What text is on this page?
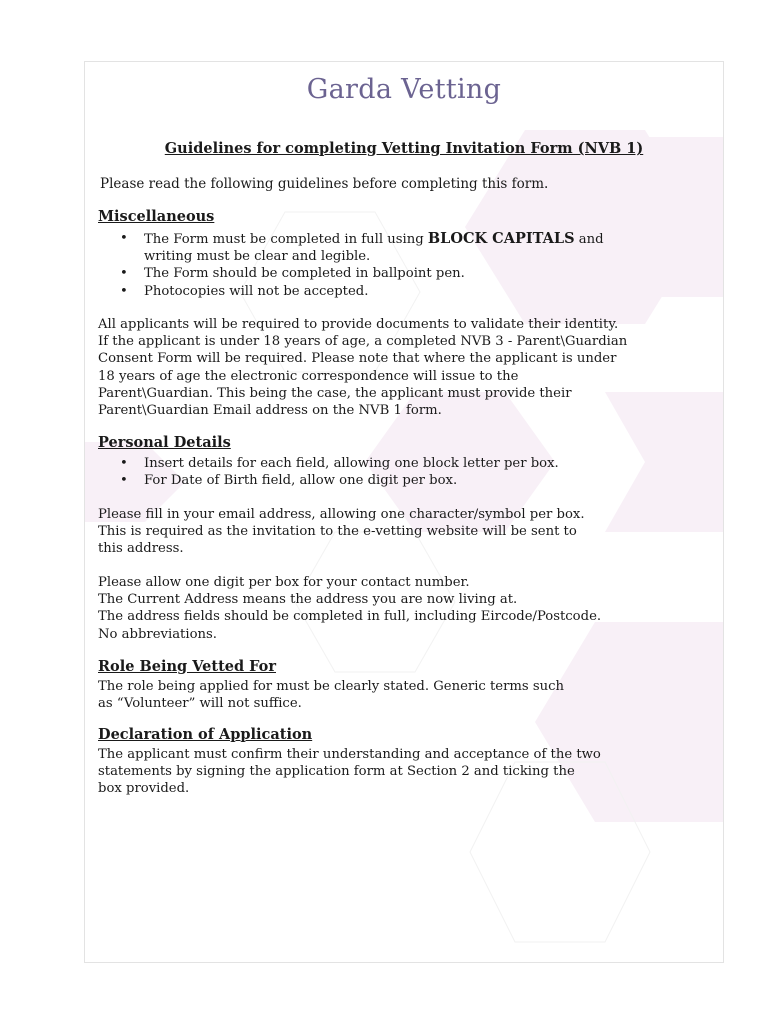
Garda Vetting
Guidelines for completing Vetting Invitation Form (NVB 1)
Please read the following guidelines before completing this form.
Miscellaneous
• The Form must be completed in full using BLOCK CAPITALS and
writing must be clear and legible.
• The Form should be completed in ballpoint pen.
• Photocopies will not be accepted.

All applicants will be required to provide documents to validate their identity.
If the applicant is under 18 years of age, a completed NVB 3 - Parent\Guardian
Consent Form will be required. Please note that where the applicant is under
18 years of age the electronic correspondence will issue to the
Parent\Guardian. This being the case, the applicant must provide their
Parent\Guardian Email address on the NVB 1 form.

Personal Details
• Insert details for each field, allowing one block letter per box.
• For Date of Birth field, allow one digit per box.

Please fill in your email address, allowing one character/symbol per box.
This is required as the invitation to the e-vetting website will be sent to
this address.

Please allow one digit per box for your contact number.
The Current Address means the address you are now living at.
The address fields should be completed in full, including Eircode/Postcode.
No abbreviations.

Role Being Vetted For

The role being applied for must be clearly stated. Generic terms such
as “Volunteer” will not suffice.

Declaration of Application

The applicant must confirm their understanding and acceptance of the two
statements by signing the application form at Section 2 and ticking the
box provided.
